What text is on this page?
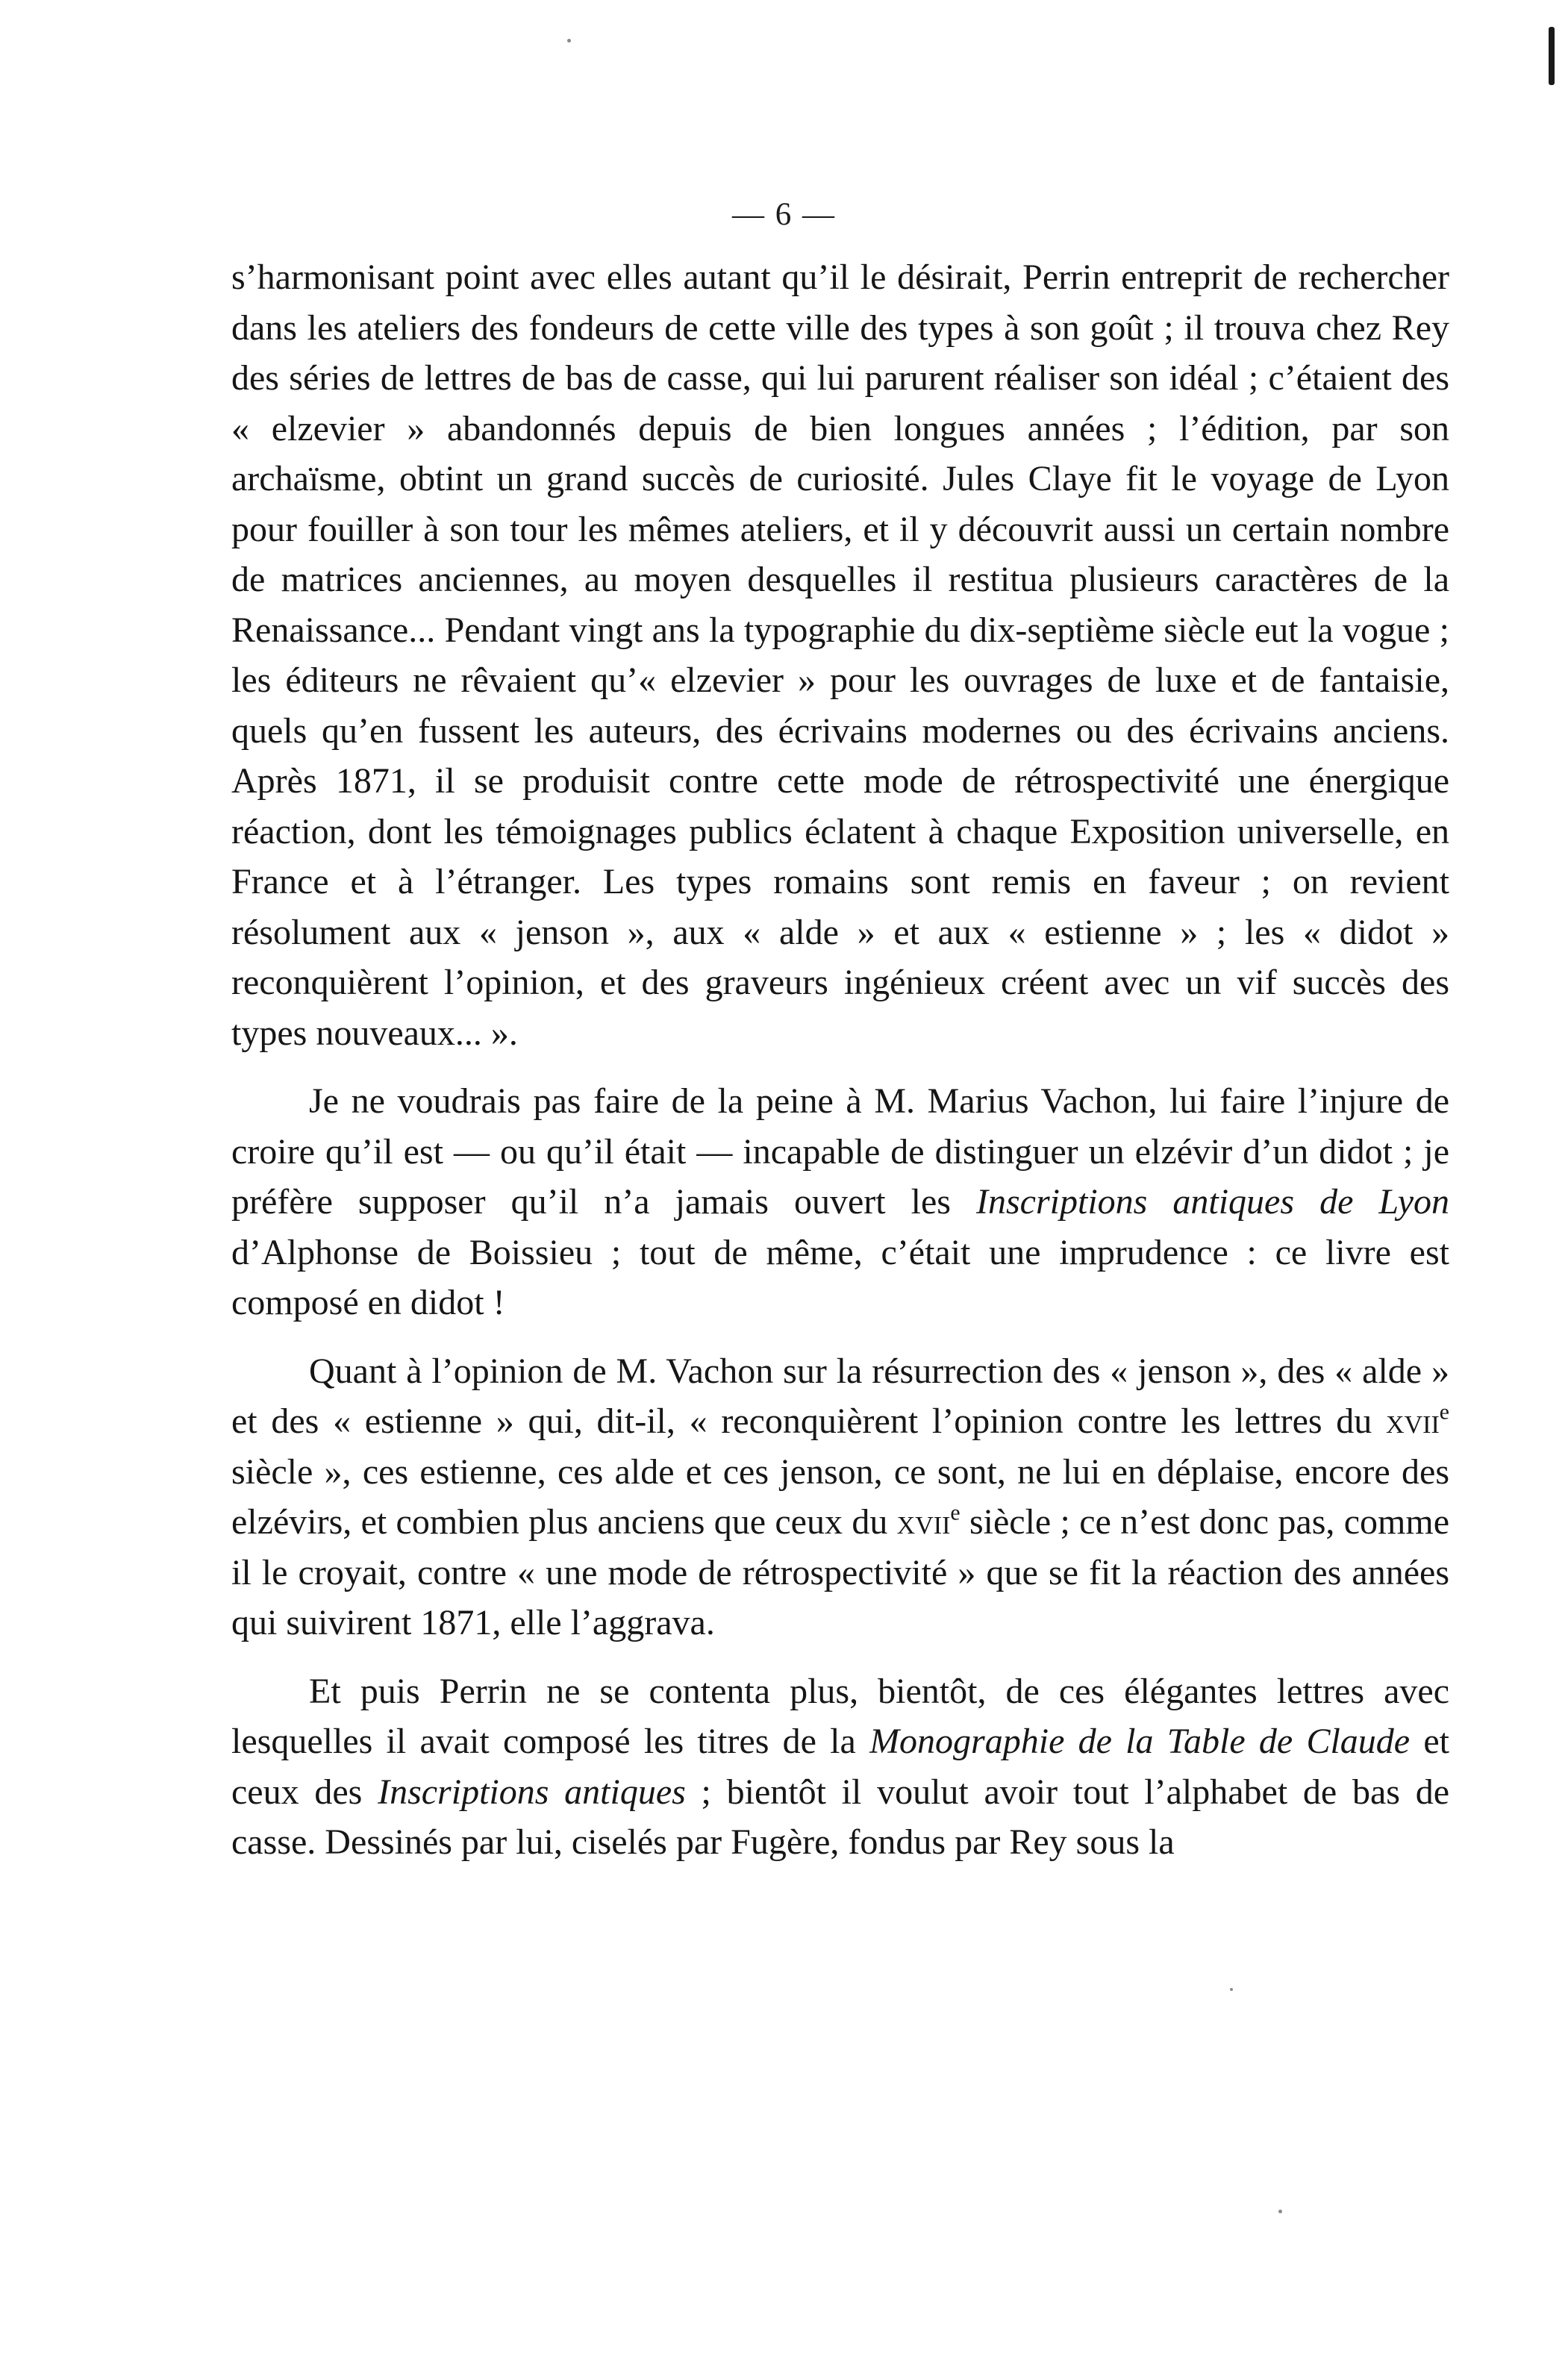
— 6 —

s’harmonisant point avec elles autant qu’il le désirait, Perrin entreprit de rechercher dans les ateliers des fondeurs de cette ville des types à son goût ; il trouva chez Rey des séries de lettres de bas de casse, qui lui parurent réaliser son idéal ; c’étaient des « elzevier » abandonnés depuis de bien longues années ; l’édition, par son archaïsme, obtint un grand succès de curiosité. Jules Claye fit le voyage de Lyon pour fouiller à son tour les mêmes ateliers, et il y découvrit aussi un certain nombre de matrices anciennes, au moyen desquelles il restitua plusieurs caractères de la Renaissance... Pendant vingt ans la typographie du dix-septième siècle eut la vogue ; les éditeurs ne rêvaient qu’« elzevier » pour les ouvrages de luxe et de fantaisie, quels qu’en fussent les auteurs, des écrivains modernes ou des écrivains anciens. Après 1871, il se produisit contre cette mode de rétrospectivité une énergique réaction, dont les témoignages publics éclatent à chaque Exposition universelle, en France et à l’étranger. Les types romains sont remis en faveur ; on revient résolument aux « jenson », aux « alde » et aux « estienne » ; les « didot » reconquièrent l’opinion, et des graveurs ingénieux créent avec un vif succès des types nouveaux... ».

Je ne voudrais pas faire de la peine à M. Marius Vachon, lui faire l’injure de croire qu’il est — ou qu’il était — incapable de distinguer un elzévir d’un didot ; je préfère supposer qu’il n’a jamais ouvert les Inscriptions antiques de Lyon d’Alphonse de Boissieu ; tout de même, c’était une imprudence : ce livre est composé en didot !

Quant à l’opinion de M. Vachon sur la résurrection des « jenson », des « alde » et des « estienne » qui, dit-il, « reconquièrent l’opinion contre les lettres du xvii$^e$ siècle », ces estienne, ces alde et ces jenson, ce sont, ne lui en déplaise, encore des elzévirs, et combien plus anciens que ceux du xvii$^e$ siècle ; ce n’est donc pas, comme il le croyait, contre « une mode de rétrospectivité » que se fit la réaction des années qui suivirent 1871, elle l’aggrava.

Et puis Perrin ne se contenta plus, bientôt, de ces élégantes lettres avec lesquelles il avait composé les titres de la Monographie de la Table de Claude et ceux des Inscriptions antiques ; bientôt il voulut avoir tout l’alphabet de bas de casse. Dessinés par lui, ciselés par Fugère, fondus par Rey sous la
